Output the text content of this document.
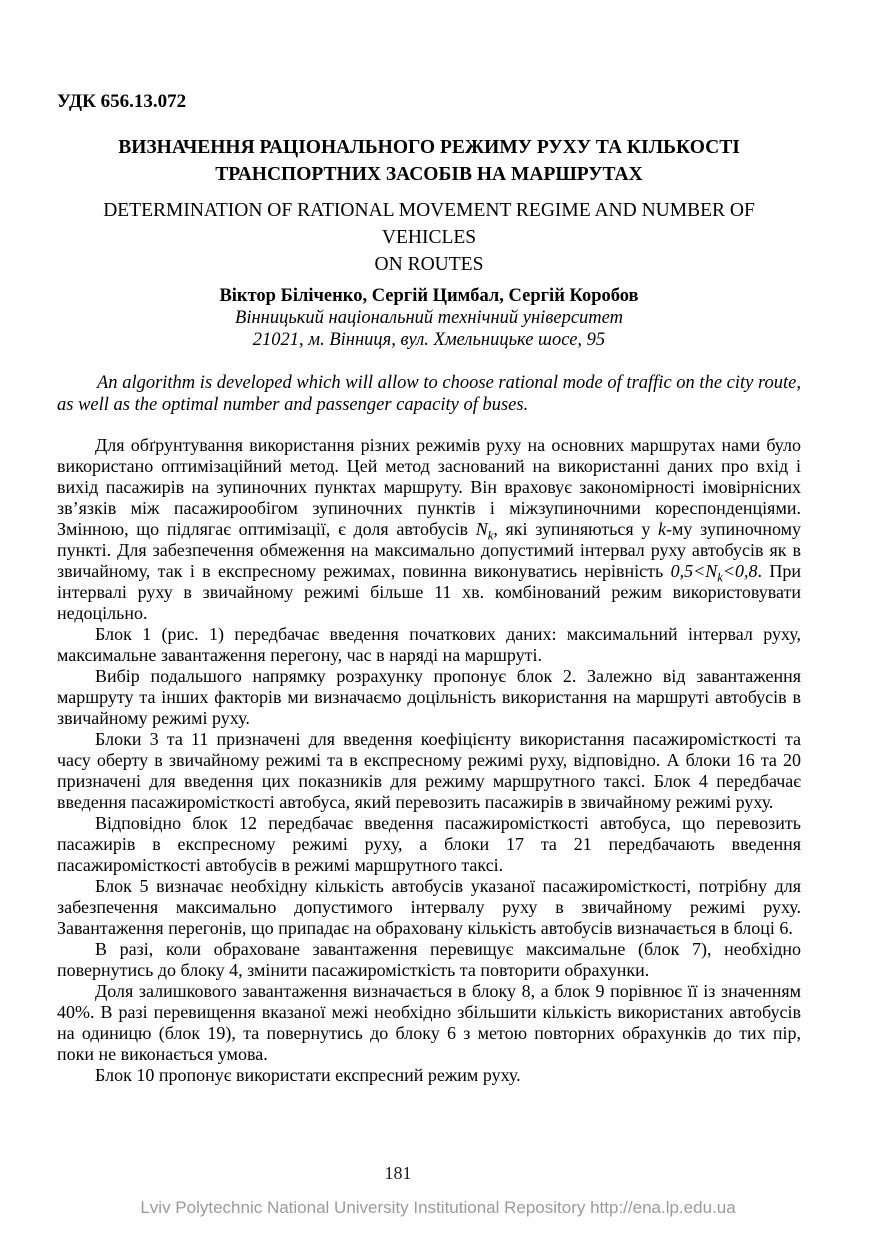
УДК 656.13.072
ВИЗНАЧЕННЯ РАЦІОНАЛЬНОГО РЕЖИМУ РУХУ ТА КІЛЬКОСТІ
ТРАНСПОРТНИХ ЗАСОБІВ НА МАРШРУТАХ
DETERMINATION OF RATIONAL MOVEMENT REGIME AND NUMBER OF VEHICLES
ON ROUTES
Віктор Біліченко, Сергій Цимбал, Сергій Коробов
Вінницький національний технічний університет
21021, м. Вінниця, вул. Хмельницьке шосе, 95

An algorithm is developed which will allow to choose rational mode of traffic on the city route, as well as the optimal number and passenger capacity of buses.

Для обґрунтування використання різних режимів руху на основних маршрутах нами було використано оптимізаційний метод. Цей метод заснований на використанні даних про вхід і вихід пасажирів на зупиночних пунктах маршруту. Він враховує закономірності імовірнісних зв’язків між пасажирообігом зупиночних пунктів і міжзупиночними кореспонденціями. Змінною, що підлягає оптимізації, є доля автобусів $N_k$, які зупиняються у k-му зупиночному пункті. Для забезпечення обмеження на максимально допустимий інтервал руху автобусів як в звичайному, так і в експресному режимах, повинна виконуватись нерівність $0,5<N_k<0,8$. При інтервалі руху в звичайному режимі більше 11 хв. комбінований режим використовувати недоцільно.

Блок 1 (рис. 1) передбачає введення початкових даних: максимальний інтервал руху, максимальне завантаження перегону, час в наряді на маршруті.

Вибір подальшого напрямку розрахунку пропонує блок 2. Залежно від завантаження маршруту та інших факторів ми визначаємо доцільність використання на маршруті автобусів в звичайному режимі руху.

Блоки 3 та 11 призначені для введення коефіцієнту використання пасажиромісткості та часу оберту в звичайному режимі та в експресному режимі руху, відповідно. А блоки 16 та 20 призначені для введення цих показників для режиму маршрутного таксі. Блок 4 передбачає введення пасажиромісткості автобуса, який перевозить пасажирів в звичайному режимі руху.

Відповідно блок 12 передбачає введення пасажиромісткості автобуса, що перевозить пасажирів в експресному режимі руху, а блоки 17 та 21 передбачають введення пасажиромісткості автобусів в режимі маршрутного таксі.

Блок 5 визначає необхідну кількість автобусів указаної пасажиромісткості, потрібну для забезпечення максимально допустимого інтервалу руху в звичайному режимі руху. Завантаження перегонів, що припадає на обраховану кількість автобусів визначається в блоці 6.

В разі, коли обраховане завантаження перевищує максимальне (блок 7), необхідно повернутись до блоку 4, змінити пасажиромісткість та повторити обрахунки.

Доля залишкового завантаження визначається в блоку 8, а блок 9 порівнює її із значенням 40%. В разі перевищення вказаної межі необхідно збільшити кількість використаних автобусів на одиницю (блок 19), та повернутись до блоку 6 з метою повторних обрахунків до тих пір, поки не виконається умова.

Блок 10 пропонує використати експресний режим руху.

181
Lviv Polytechnic National University Institutional Repository http://ena.lp.edu.ua
